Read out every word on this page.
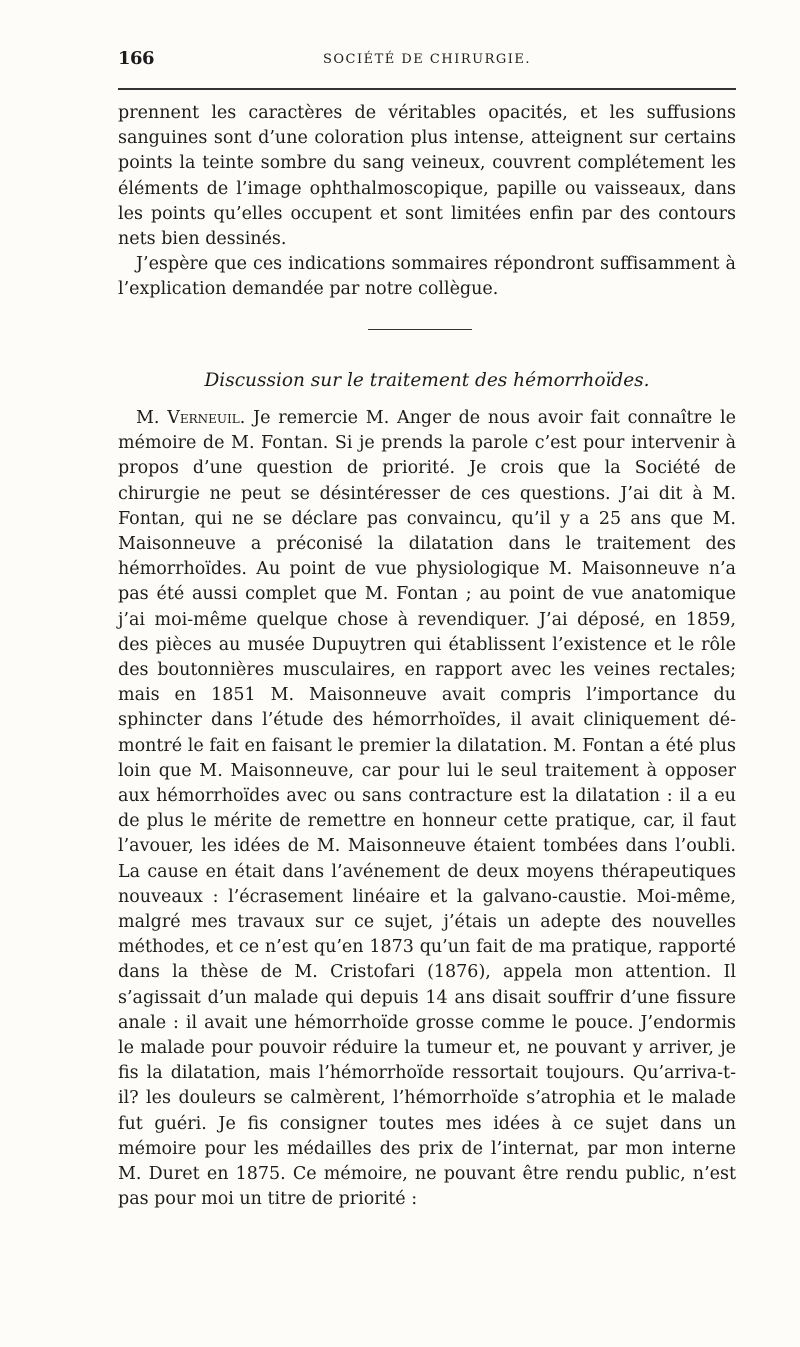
166	SOCIÉTÉ DE CHIRURGIE.

prennent les caractères de véritables opacités, et les suffusions sanguines sont d’une coloration plus intense, atteignent sur certains points la teinte sombre du sang veineux, couvrent complétement les éléments de l’image ophthalmoscopique, papille ou vaisseaux, dans les points qu’elles occupent et sont limitées enfin par des contours nets bien dessinés.

J’espère que ces indications sommaires répondront suffisamment à l’explication demandée par notre collègue.

Discussion sur le traitement des hémorrhoïdes.

M. Verneuil. Je remercie M. Anger de nous avoir fait connaître le mémoire de M. Fontan. Si je prends la parole c’est pour intervenir à propos d’une question de priorité. Je crois que la Société de chirurgie ne peut se désintéresser de ces questions. J’ai dit à M. Fontan, qui ne se déclare pas convaincu, qu’il y a 25 ans que M. Maisonneuve a préconisé la dilatation dans le traitement des hémorrhoïdes. Au point de vue physiologique M. Maisonneuve n’a pas été aussi complet que M. Fontan ; au point de vue anatomique j’ai moi-même quelque chose à revendiquer. J’ai déposé, en 1859, des pièces au musée Dupuytren qui établissent l’existence et le rôle des boutonnières musculaires, en rapport avec les veines rectales; mais en 1851 M. Maisonneuve avait compris l’importance du sphincter dans l’étude des hémorrhoïdes, il avait cliniquement démontré le fait en faisant le premier la dilatation. M. Fontan a été plus loin que M. Maisonneuve, car pour lui le seul traitement à opposer aux hémorrhoïdes avec ou sans contracture est la dilatation : il a eu de plus le mérite de remettre en honneur cette pratique, car, il faut l’avouer, les idées de M. Maisonneuve étaient tombées dans l’oubli. La cause en était dans l’avénement de deux moyens thérapeutiques nouveaux : l’écrasement linéaire et la galvano-caustie. Moi-même, malgré mes travaux sur ce sujet, j’étais un adepte des nouvelles méthodes, et ce n’est qu’en 1873 qu’un fait de ma pratique, rapporté dans la thèse de M. Cristofari (1876), appela mon attention. Il s’agissait d’un malade qui depuis 14 ans disait souffrir d’une fissure anale : il avait une hémorrhoïde grosse comme le pouce. J’endormis le malade pour pouvoir réduire la tumeur et, ne pouvant y arriver, je fis la dilatation, mais l’hémorrhoïde ressortait toujours. Qu’arriva-t-il? les douleurs se calmèrent, l’hémorrhoïde s’atrophia et le malade fut guéri. Je fis consigner toutes mes idées à ce sujet dans un mémoire pour les médailles des prix de l’internat, par mon interne M. Duret en 1875. Ce mémoire, ne pouvant être rendu public, n’est pas pour moi un titre de priorité :
